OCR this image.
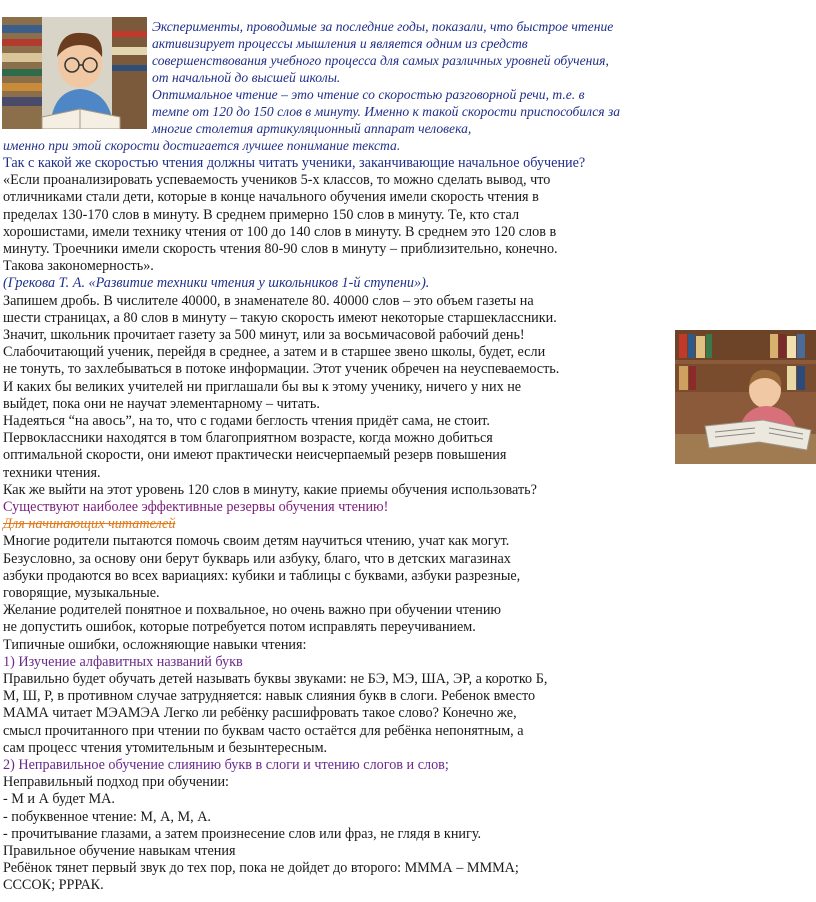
Эксперименты, проводимые за последние годы, показали, что быстрое чтение активизирует процессы мышления и является одним из средств совершенствования учебного процесса для самых различных уровней обучения, от начальной до высшей школы.

Оптимальное чтение – это чтение со скоростью разговорной речи, т.е. в темпе от 120 до 150 слов в минуту. Именно к такой скорости приспособился за многие столетия артикуляционный аппарат человека,

именно при этой скорости достигается лучшее понимание текста.
Так с какой же скоростью чтения должны читать ученики, заканчивающие начальное обучение?
«Если проанализировать успеваемость учеников 5-х классов, то можно сделать вывод, что
отличниками стали дети, которые в конце начального обучения имели скорость чтения в
пределах 130-170 слов в минуту. В среднем примерно 150 слов в минуту. Те, кто стал
хорошистами, имели технику чтения от 100 до 140 слов в минуту. В среднем это 120 слов в
минуту. Троечники имели скорость чтения 80-90 слов в минуту – приблизительно, конечно.
Такова закономерность».
(Грекова Т. А. «Развитие техники чтения у школьников 1-й ступени»).
Запишем дробь. В числителе 40000, в знаменателе 80. 40000 слов – это объем газеты на
шести страницах, а 80 слов в минуту – такую скорость имеют некоторые старшеклассники.
Значит, школьник прочитает газету за 500 минут, или за восьмичасовой рабочий день!
Слабочитающий ученик, перейдя в среднее, а затем и в старшее звено школы, будет, если
не тонуть, то захлебываться в потоке информации. Этот ученик обречен на неуспеваемость.
И каких бы великих учителей ни приглашали бы вы к этому ученику, ничего у них не
выйдет, пока они не научат элементарному – читать.
Надеяться “на авось”, на то, что с годами беглость чтения придёт сама, не стоит.
Первоклассники находятся в том благоприятном возрасте, когда можно добиться
оптимальной скорости, они имеют практически неисчерпаемый резерв повышения
техники чтения.
Как же выйти на этот уровень 120 слов в минуту, какие приемы обучения использовать?
Существуют наиболее эффективные резервы обучения чтению!
Для начинающих читателей
Многие родители пытаются помочь своим детям научиться чтению, учат как могут.
Безусловно, за основу они берут букварь или азбуку, благо, что в детских магазинах
азбуки продаются во всех вариациях: кубики и таблицы с буквами, азбуки разрезные,
говорящие, музыкальные.
Желание родителей понятное и похвальное, но очень важно при обучении чтению
не допустить ошибок, которые потребуется потом исправлять переучиванием.
Типичные ошибки, осложняющие навыки чтения:
1) Изучение алфавитных названий букв
Правильно будет обучать детей называть буквы звуками: не БЭ, МЭ, ША, ЭР, а коротко Б,
М, Ш, Р, в противном случае затрудняется: навык слияния букв в слоги. Ребенок вместо
МАМА читает МЭАМЭА Легко ли ребёнку расшифровать такое слово? Конечно же,
смысл прочитанного при чтении по буквам часто остаётся для ребёнка непонятным, а
сам процесс чтения утомительным и безынтересным.
2) Неправильное обучение слиянию букв в слоги и чтению слогов и слов;
Неправильный подход при обучении:
- М и А будет МА.
- побуквенное чтение: М, А, М, А.
- прочитывание глазами, а затем произнесение слов или фраз, не глядя в книгу.
Правильное обучение навыкам чтения
Ребёнок тянет первый звук до тех пор, пока не дойдет до второго: ММMА – ММMА;
СССОК; РРРАК.
